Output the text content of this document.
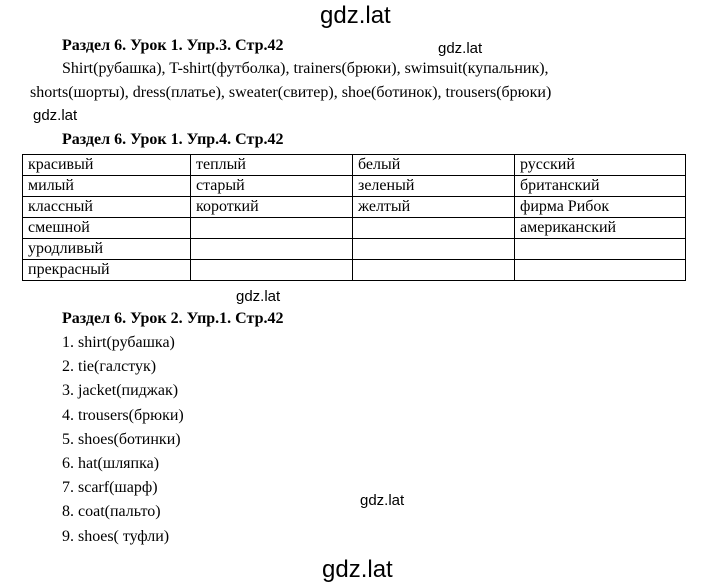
gdz.lat
gdz.lat
gdz.lat
gdz.lat
gdz.lat
gdz.lat
Раздел 6. Урок 1. Упр.3. Стр.42
Shirt(рубашка), T-shirt(футболка), trainers(брюки), swimsuit(купальник),
shorts(шорты), dress(платье), sweater(свитер), shoe(ботинок), trousers(брюки)
Раздел 6. Урок 1. Упр.4. Стр.42
красивый	теплый	белый	русский
милый	старый	зеленый	британский
классный	короткий	желтый	фирма Рибок
смешной			американский
уродливый			
прекрасный			
Раздел 6. Урок 2. Упр.1. Стр.42
1. shirt(рубашка)
2. tie(галстук)
3. jacket(пиджак)
4. trousers(брюки)
5. shoes(ботинки)
6. hat(шляпка)
7. scarf(шарф)
8. coat(пальто)
9. shoes( туфли)
